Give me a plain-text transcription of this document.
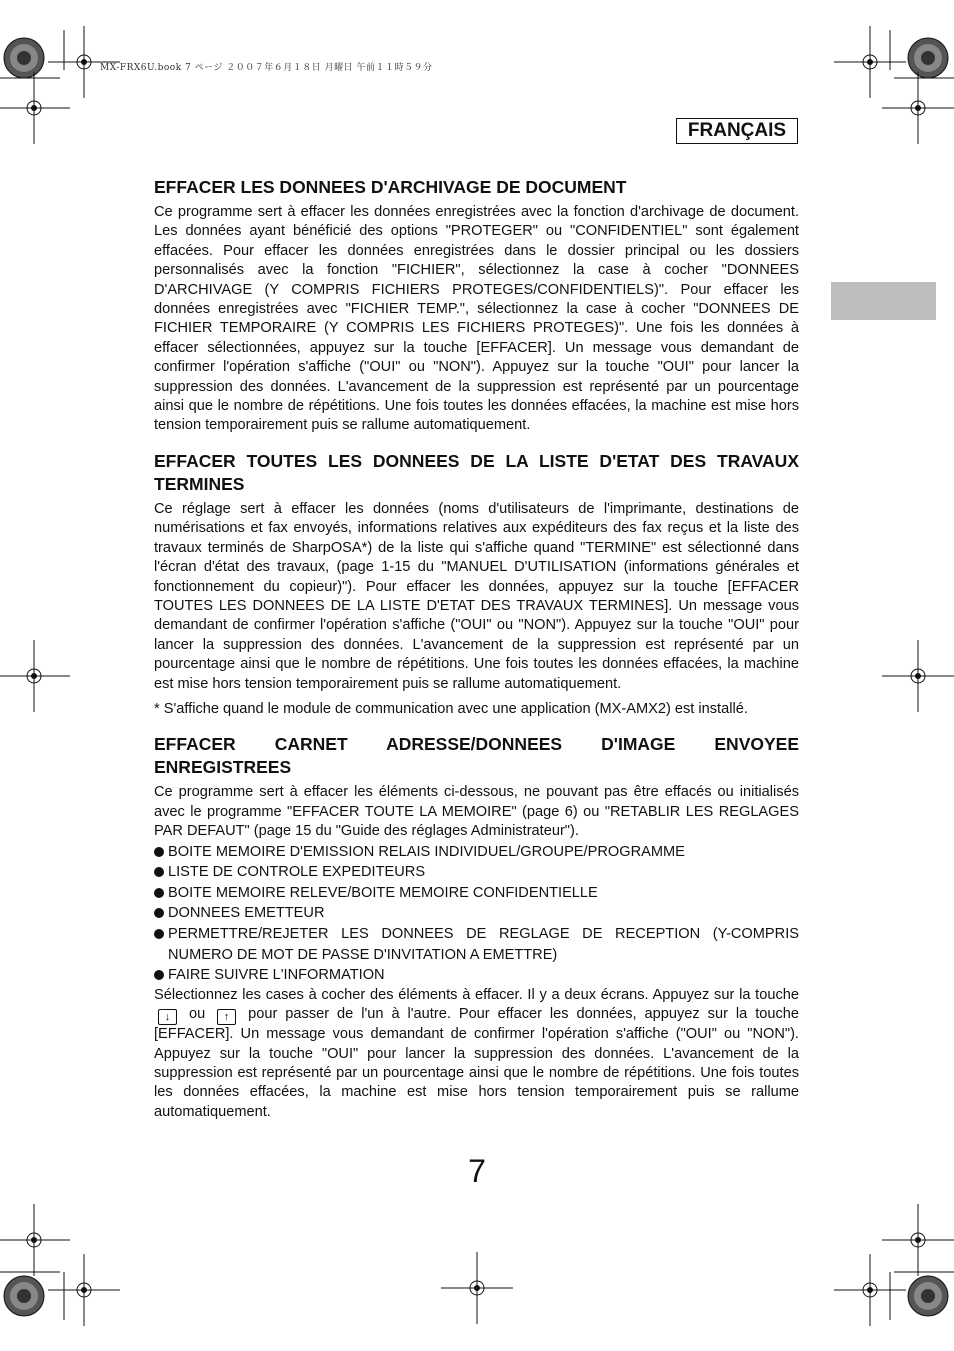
MX-FRX6U.book 7 ページ ２００７年６月１８日 月曜日 午前１１時５９分
FRANÇAIS
EFFACER LES DONNEES D'ARCHIVAGE DE DOCUMENT

Ce programme sert à effacer les données enregistrées avec la fonction d'archivage de document. Les données ayant bénéficié des options "PROTEGER" ou "CONFIDENTIEL" sont également effacées. Pour effacer les données enregistrées dans le dossier principal ou les dossiers personnalisés avec la fonction "FICHIER", sélectionnez la case à cocher "DONNEES D'ARCHIVAGE (Y COMPRIS FICHIERS PROTEGES/CONFIDENTIELS)". Pour effacer les données enregistrées avec "FICHIER TEMP.", sélectionnez la case à cocher "DONNEES DE FICHIER TEMPORAIRE (Y COMPRIS LES FICHIERS PROTEGES)". Une fois les données à effacer sélectionnées, appuyez sur la touche [EFFACER]. Un message vous demandant de confirmer l'opération s'affiche ("OUI" ou "NON"). Appuyez sur la touche "OUI" pour lancer la suppression des données. L'avancement de la suppression est représenté par un pourcentage ainsi que le nombre de répétitions. Une fois toutes les données effacées, la machine est mise hors tension temporairement puis se rallume automatiquement.

EFFACER TOUTES LES DONNEES DE LA LISTE D'ETAT DES TRAVAUX TERMINES

Ce réglage sert à effacer les données (noms d'utilisateurs de l'imprimante, destinations de numérisations et fax envoyés, informations relatives aux expéditeurs des fax reçus et la liste des travaux terminés de SharpOSA*) de la liste qui s'affiche quand "TERMINE" est sélectionné dans l'écran d'état des travaux, (page 1-15 du "MANUEL D'UTILISATION (informations générales et fonctionnement du copieur)"). Pour effacer les données, appuyez sur la touche [EFFACER TOUTES LES DONNEES DE LA LISTE D'ETAT DES TRAVAUX TERMINES]. Un message vous demandant de confirmer l'opération s'affiche ("OUI" ou "NON"). Appuyez sur la touche "OUI" pour lancer la suppression des données. L'avancement de la suppression est représenté par un pourcentage ainsi que le nombre de répétitions. Une fois toutes les données effacées, la machine est mise hors tension temporairement puis se rallume automatiquement.

* S'affiche quand le module de communication avec une application (MX-AMX2) est installé.

EFFACER CARNET ADRESSE/DONNEES D'IMAGE ENVOYEE ENREGISTREES

Ce programme sert à effacer les éléments ci-dessous, ne pouvant pas être effacés ou initialisés avec le programme "EFFACER TOUTE LA MEMOIRE" (page 6) ou "RETABLIR LES REGLAGES PAR DEFAUT" (page 15 du "Guide des réglages Administrateur").

BOITE MEMOIRE D'EMISSION RELAIS INDIVIDUEL/GROUPE/PROGRAMME
LISTE DE CONTROLE EXPEDITEURS
BOITE MEMOIRE RELEVE/BOITE MEMOIRE CONFIDENTIELLE
DONNEES EMETTEUR
PERMETTRE/REJETER LES DONNEES DE REGLAGE DE RECEPTION (Y-COMPRIS NUMERO DE MOT DE PASSE D'INVITATION A EMETTRE)
FAIRE SUIVRE L'INFORMATION

Sélectionnez les cases à cocher des éléments à effacer. Il y a deux écrans. Appuyez sur la touche ↓ ou ↑ pour passer de l'un à l'autre. Pour effacer les données, appuyez sur la touche [EFFACER]. Un message vous demandant de confirmer l'opération s'affiche ("OUI" ou "NON"). Appuyez sur la touche "OUI" pour lancer la suppression des données. L'avancement de la suppression est représenté par un pourcentage ainsi que le nombre de répétitions. Une fois toutes les données effacées, la machine est mise hors tension temporairement puis se rallume automatiquement.

7
